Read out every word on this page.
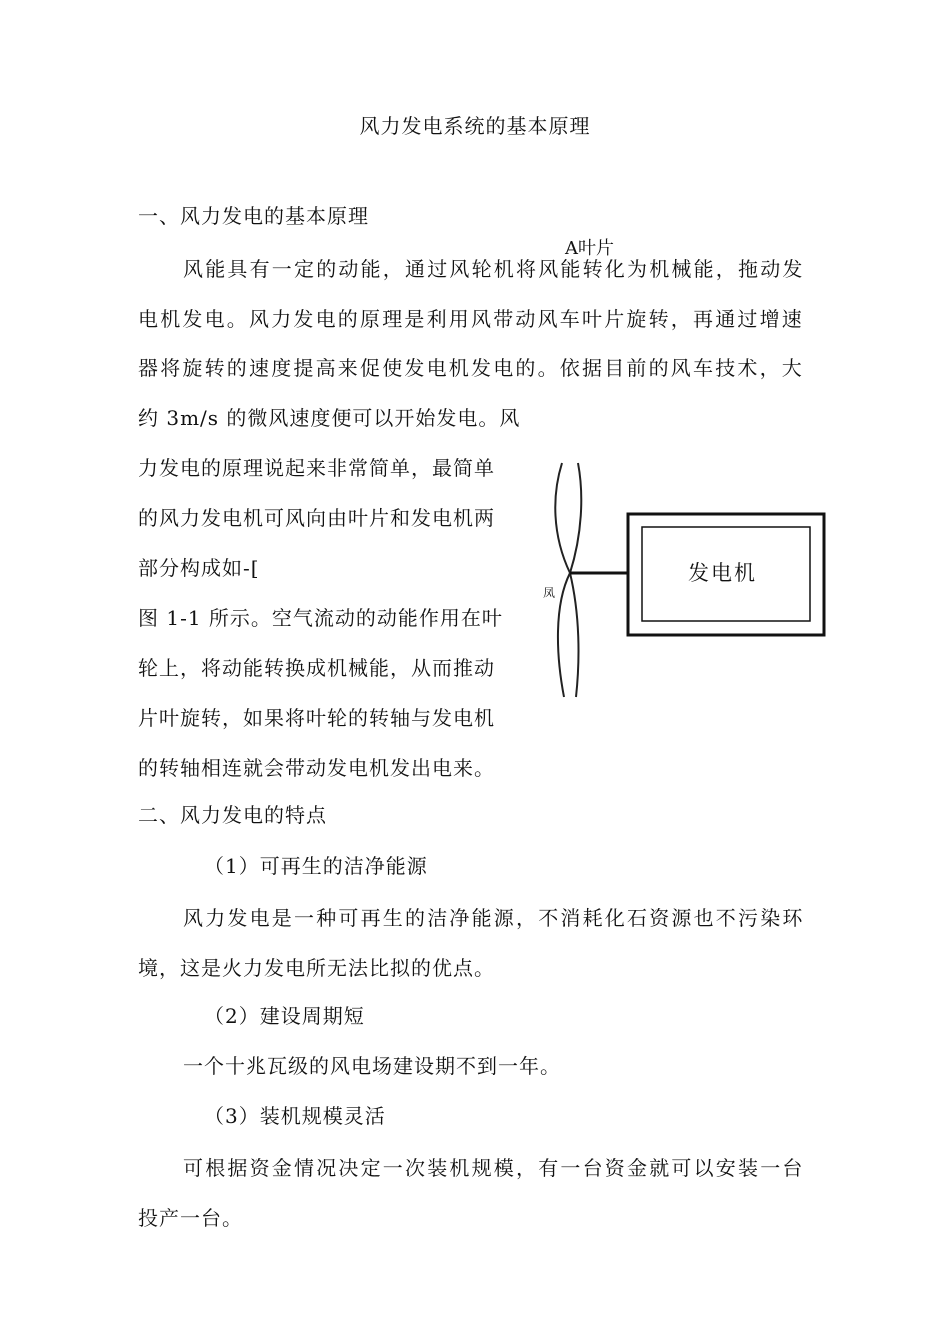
风力发电系统的基本原理
一、风力发电的基本原理
风能具有一定的动能，通过风轮机将风能转化为机械能，拖动发
电机发电。风力发电的原理是利用风带动风车叶片旋转，再通过增速
器将旋转的速度提高来促使发电机发电的。依据目前的风车技术，大
约 3m/s 的微风速度便可以开始发电。风
力发电的原理说起来非常简单，最简单
的风力发电机可风向由叶片和发电机两
部分构成如-[
图 1-1 所示。空气流动的动能作用在叶
轮上，将动能转换成机械能，从而推动
片叶旋转，如果将叶轮的转轴与发电机
的转轴相连就会带动发电机发出电来。
A叶片
凤
发电机
二、风力发电的特点
（1）可再生的洁净能源
风力发电是一种可再生的洁净能源，不消耗化石资源也不污染环
境，这是火力发电所无法比拟的优点。
（2）建设周期短
一个十兆瓦级的风电场建设期不到一年。
（3）装机规模灵活
可根据资金情况决定一次装机规模，有一台资金就可以安装一台
投产一台。
